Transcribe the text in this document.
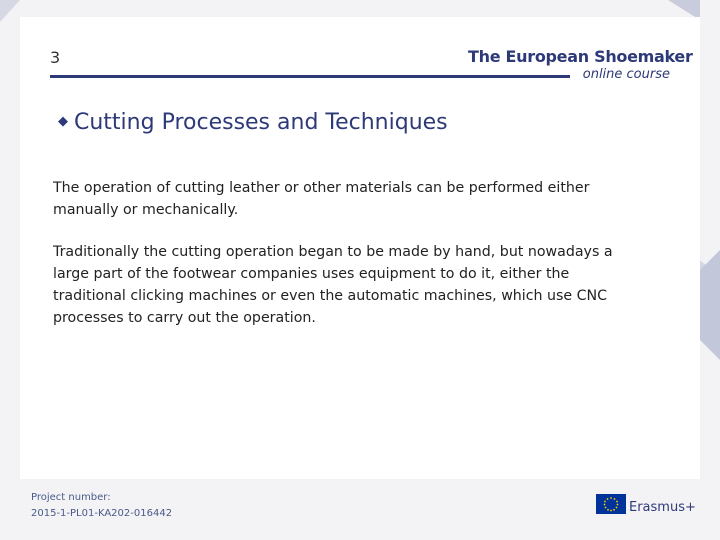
3	The European Shoemaker
online course
◆ Cutting Processes and Techniques

The operation of cutting leather or other materials can be performed either manually or mechanically.

Traditionally the cutting operation began to be made by hand, but nowadays a large part of the footwear companies uses equipment to do it, either the traditional clicking machines or even the automatic machines, which use CNC processes to carry out the operation.

Project number:
2015-1-PL01-KA202-016442	Erasmus+
